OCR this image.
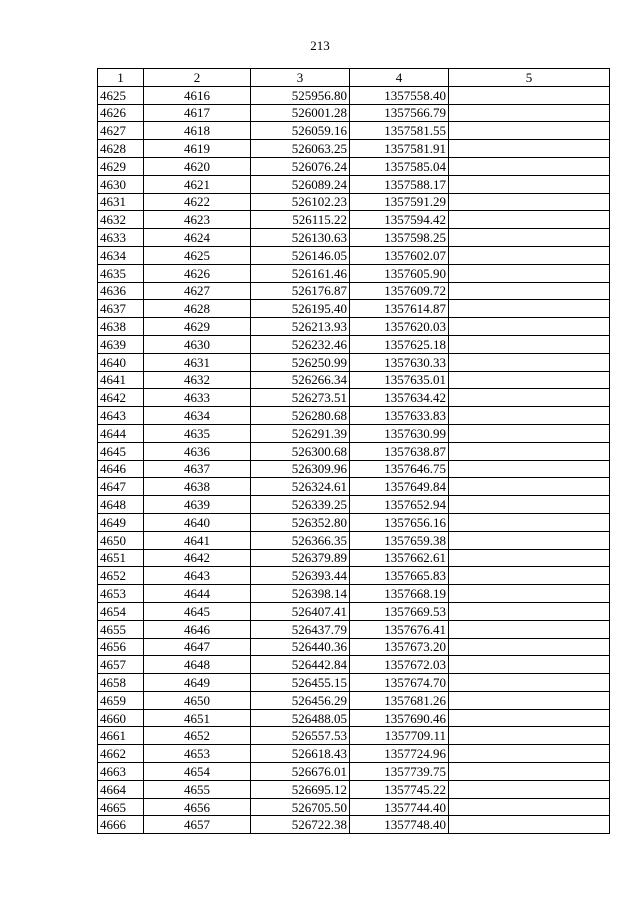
213
1	2	3	4	5
4625	4616	525956.80	1357558.40	
4626	4617	526001.28	1357566.79	
4627	4618	526059.16	1357581.55	
4628	4619	526063.25	1357581.91	
4629	4620	526076.24	1357585.04	
4630	4621	526089.24	1357588.17	
4631	4622	526102.23	1357591.29	
4632	4623	526115.22	1357594.42	
4633	4624	526130.63	1357598.25	
4634	4625	526146.05	1357602.07	
4635	4626	526161.46	1357605.90	
4636	4627	526176.87	1357609.72	
4637	4628	526195.40	1357614.87	
4638	4629	526213.93	1357620.03	
4639	4630	526232.46	1357625.18	
4640	4631	526250.99	1357630.33	
4641	4632	526266.34	1357635.01	
4642	4633	526273.51	1357634.42	
4643	4634	526280.68	1357633.83	
4644	4635	526291.39	1357630.99	
4645	4636	526300.68	1357638.87	
4646	4637	526309.96	1357646.75	
4647	4638	526324.61	1357649.84	
4648	4639	526339.25	1357652.94	
4649	4640	526352.80	1357656.16	
4650	4641	526366.35	1357659.38	
4651	4642	526379.89	1357662.61	
4652	4643	526393.44	1357665.83	
4653	4644	526398.14	1357668.19	
4654	4645	526407.41	1357669.53	
4655	4646	526437.79	1357676.41	
4656	4647	526440.36	1357673.20	
4657	4648	526442.84	1357672.03	
4658	4649	526455.15	1357674.70	
4659	4650	526456.29	1357681.26	
4660	4651	526488.05	1357690.46	
4661	4652	526557.53	1357709.11	
4662	4653	526618.43	1357724.96	
4663	4654	526676.01	1357739.75	
4664	4655	526695.12	1357745.22	
4665	4656	526705.50	1357744.40	
4666	4657	526722.38	1357748.40	
